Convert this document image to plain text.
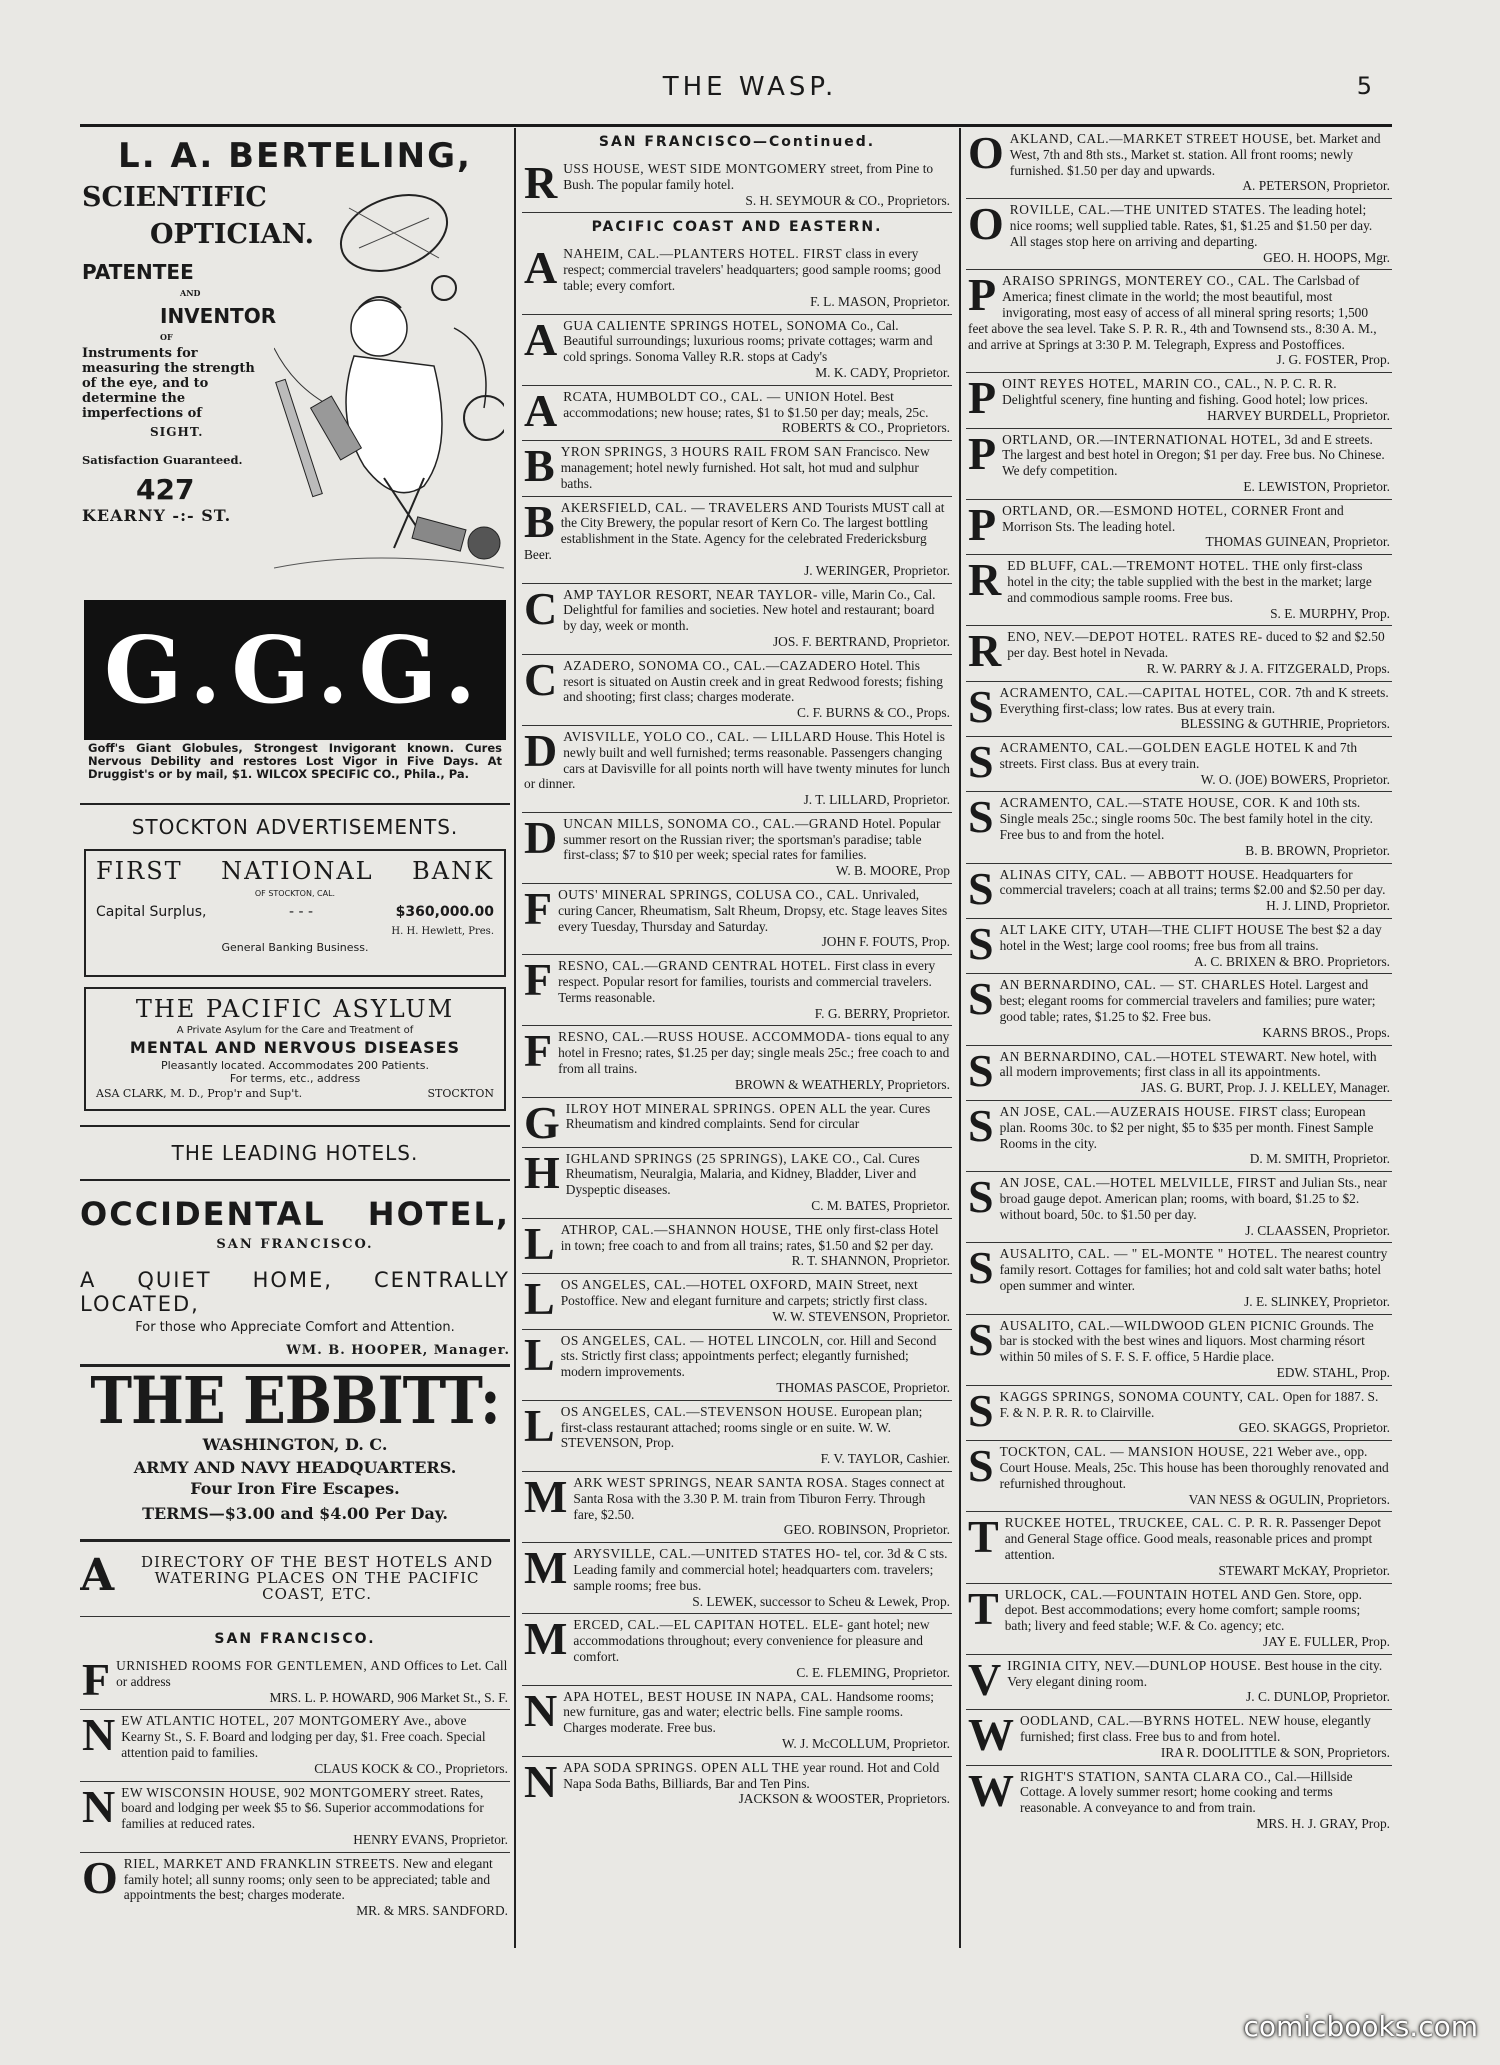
THE WASP.	5
L. A. BERTELING,
SCIENTIFIC
OPTICIAN.
PATENTEE
AND
INVENTOR
OF
Instruments for measuring the strength of the eye, and to determine the imperfections of
SIGHT.
Satisfaction Guaranteed.
427
KEARNY -:- ST.
G.G.G.
Goff's Giant Globules, Strongest Invigorant known. Cures Nervous Debility and restores Lost Vigor in Five Days. At Druggist's or by mail, $1. WILCOX SPECIFIC CO., Phila., Pa.
STOCKTON ADVERTISEMENTS.
FIRST NATIONAL BANK
OF STOCKTON, CAL.
Capital Surplus,	- - -	$360,000.00
H. H. Hewlett, Pres.
General Banking Business.
THE PACIFIC ASYLUM
A Private Asylum for the Care and Treatment of
MENTAL AND NERVOUS DISEASES
Pleasantly located. Accommodates 200 Patients.
For terms, etc., address
ASA CLARK, M. D., Prop'r and Sup't.	STOCKTON
THE LEADING HOTELS.
OCCIDENTAL HOTEL,
SAN FRANCISCO.
A QUIET HOME, CENTRALLY LOCATED,
For those who Appreciate Comfort and Attention.
WM. B. HOOPER, Manager.
THE EBBITT:
WASHINGTON, D. C.
ARMY AND NAVY HEADQUARTERS.
Four Iron Fire Escapes.
TERMS—$3.00 and $4.00 Per Day.
A	DIRECTORY OF THE BEST HOTELS AND WATERING PLACES ON THE PACIFIC COAST, ETC.
SAN FRANCISCO.
FURNISHED ROOMS FOR GENTLEMEN, AND Offices to Let. Call or address
MRS. L. P. HOWARD, 906 Market St., S. F.
NEW ATLANTIC HOTEL, 207 MONTGOMERY Ave., above Kearny St., S. F. Board and lodging per day, $1. Free coach. Special attention paid to families.
CLAUS KOCK & CO., Proprietors.
NEW WISCONSIN HOUSE, 902 MONTGOMERY street. Rates, board and lodging per week $5 to $6. Superior accommodations for families at reduced rates.
HENRY EVANS, Proprietor.
ORIEL, MARKET AND FRANKLIN STREETS. New and elegant family hotel; all sunny rooms; only seen to be appreciated; table and appointments the best; charges moderate.
MR. & MRS. SANDFORD.
SAN FRANCISCO—Continued.
RUSS HOUSE, WEST SIDE MONTGOMERY street, from Pine to Bush. The popular family hotel.
S. H. SEYMOUR & CO., Proprietors.
PACIFIC COAST AND EASTERN.
ANAHEIM, CAL.—PLANTERS HOTEL. FIRST class in every respect; commercial travelers' headquarters; good sample rooms; good table; every comfort.
F. L. MASON, Proprietor.
AGUA CALIENTE SPRINGS HOTEL, SONOMA Co., Cal. Beautiful surroundings; luxurious rooms; private cottages; warm and cold springs. Sonoma Valley R.R. stops at Cady's
M. K. CADY, Proprietor.
ARCATA, HUMBOLDT CO., CAL. — UNION Hotel. Best accommodations; new house; rates, $1 to $1.50 per day; meals, 25c.
ROBERTS & CO., Proprietors.
BYRON SPRINGS, 3 HOURS RAIL FROM SAN Francisco. New management; hotel newly furnished. Hot salt, hot mud and sulphur baths.
BAKERSFIELD, CAL. — TRAVELERS AND Tourists MUST call at the City Brewery, the popular resort of Kern Co. The largest bottling establishment in the State. Agency for the celebrated Fredericksburg Beer.
J. WERINGER, Proprietor.
CAMP TAYLOR RESORT, NEAR TAYLOR- ville, Marin Co., Cal. Delightful for families and societies. New hotel and restaurant; board by day, week or month.
JOS. F. BERTRAND, Proprietor.
CAZADERO, SONOMA CO., CAL.—CAZADERO Hotel. This resort is situated on Austin creek and in great Redwood forests; fishing and shooting; first class; charges moderate.
C. F. BURNS & CO., Props.
DAVISVILLE, YOLO CO., CAL. — LILLARD House. This Hotel is newly built and well furnished; terms reasonable. Passengers changing cars at Davisville for all points north will have twenty minutes for lunch or dinner.
J. T. LILLARD, Proprietor.
DUNCAN MILLS, SONOMA CO., CAL.—GRAND Hotel. Popular summer resort on the Russian river; the sportsman's paradise; table first-class; $7 to $10 per week; special rates for families.
W. B. MOORE, Prop
FOUTS' MINERAL SPRINGS, COLUSA CO., CAL. Unrivaled, curing Cancer, Rheumatism, Salt Rheum, Dropsy, etc. Stage leaves Sites every Tuesday, Thursday and Saturday.
JOHN F. FOUTS, Prop.
FRESNO, CAL.—GRAND CENTRAL HOTEL. First class in every respect. Popular resort for families, tourists and commercial travelers. Terms reasonable.
F. G. BERRY, Proprietor.
FRESNO, CAL.—RUSS HOUSE. ACCOMMODA- tions equal to any hotel in Fresno; rates, $1.25 per day; single meals 25c.; free coach to and from all trains.
BROWN & WEATHERLY, Proprietors.
GILROY HOT MINERAL SPRINGS. OPEN ALL the year. Cures Rheumatism and kindred complaints. Send for circular
HIGHLAND SPRINGS (25 SPRINGS), LAKE CO., Cal. Cures Rheumatism, Neuralgia, Malaria, and Kidney, Bladder, Liver and Dyspeptic diseases.
C. M. BATES, Proprietor.
LATHROP, CAL.—SHANNON HOUSE, THE only first-class Hotel in town; free coach to and from all trains; rates, $1.50 and $2 per day.
R. T. SHANNON, Proprietor.
LOS ANGELES, CAL.—HOTEL OXFORD, MAIN Street, next Postoffice. New and elegant furniture and carpets; strictly first class.
W. W. STEVENSON, Proprietor.
LOS ANGELES, CAL. — HOTEL LINCOLN, cor. Hill and Second sts. Strictly first class; appointments perfect; elegantly furnished; modern improvements.
THOMAS PASCOE, Proprietor.
LOS ANGELES, CAL.—STEVENSON HOUSE. European plan; first-class restaurant attached; rooms single or en suite. W. W. STEVENSON, Prop.
F. V. TAYLOR, Cashier.
MARK WEST SPRINGS, NEAR SANTA ROSA. Stages connect at Santa Rosa with the 3.30 P. M. train from Tiburon Ferry. Through fare, $2.50.
GEO. ROBINSON, Proprietor.
MARYSVILLE, CAL.—UNITED STATES HO- tel, cor. 3d & C sts. Leading family and commercial hotel; headquarters com. travelers; sample rooms; free bus.
S. LEWEK, successor to Scheu & Lewek, Prop.
MERCED, CAL.—EL CAPITAN HOTEL. ELE- gant hotel; new accommodations throughout; every convenience for pleasure and comfort.
C. E. FLEMING, Proprietor.
NAPA HOTEL, BEST HOUSE IN NAPA, CAL. Handsome rooms; new furniture, gas and water; electric bells. Fine sample rooms. Charges moderate. Free bus.
W. J. McCOLLUM, Proprietor.
NAPA SODA SPRINGS. OPEN ALL THE year round. Hot and Cold Napa Soda Baths, Billiards, Bar and Ten Pins.
JACKSON & WOOSTER, Proprietors.
OAKLAND, CAL.—MARKET STREET HOUSE, bet. Market and West, 7th and 8th sts., Market st. station. All front rooms; newly furnished. $1.50 per day and upwards.
A. PETERSON, Proprietor.
OROVILLE, CAL.—THE UNITED STATES. The leading hotel; nice rooms; well supplied table. Rates, $1, $1.25 and $1.50 per day. All stages stop here on arriving and departing.
GEO. H. HOOPS, Mgr.
PARAISO SPRINGS, MONTEREY CO., CAL. The Carlsbad of America; finest climate in the world; the most beautiful, most invigorating, most easy of access of all mineral spring resorts; 1,500 feet above the sea level. Take S. P. R. R., 4th and Townsend sts., 8:30 A. M., and arrive at Springs at 3:30 P. M. Telegraph, Express and Postoffices.
J. G. FOSTER, Prop.
POINT REYES HOTEL, MARIN CO., CAL., N. P. C. R. R. Delightful scenery, fine hunting and fishing. Good hotel; low prices.
HARVEY BURDELL, Proprietor.
PORTLAND, OR.—INTERNATIONAL HOTEL, 3d and E streets. The largest and best hotel in Oregon; $1 per day. Free bus. No Chinese. We defy competition.
E. LEWISTON, Proprietor.
PORTLAND, OR.—ESMOND HOTEL, CORNER Front and Morrison Sts. The leading hotel.
THOMAS GUINEAN, Proprietor.
RED BLUFF, CAL.—TREMONT HOTEL. THE only first-class hotel in the city; the table supplied with the best in the market; large and commodious sample rooms. Free bus.
S. E. MURPHY, Prop.
RENO, NEV.—DEPOT HOTEL. RATES RE- duced to $2 and $2.50 per day. Best hotel in Nevada.
R. W. PARRY & J. A. FITZGERALD, Props.
SACRAMENTO, CAL.—CAPITAL HOTEL, COR. 7th and K streets. Everything first-class; low rates. Bus at every train.
BLESSING & GUTHRIE, Proprietors.
SACRAMENTO, CAL.—GOLDEN EAGLE HOTEL K and 7th streets. First class. Bus at every train.
W. O. (JOE) BOWERS, Proprietor.
SACRAMENTO, CAL.—STATE HOUSE, COR. K and 10th sts. Single meals 25c.; single rooms 50c. The best family hotel in the city. Free bus to and from the hotel.
B. B. BROWN, Proprietor.
SALINAS CITY, CAL. — ABBOTT HOUSE. Headquarters for commercial travelers; coach at all trains; terms $2.00 and $2.50 per day.
H. J. LIND, Proprietor.
SALT LAKE CITY, UTAH—THE CLIFT HOUSE The best $2 a day hotel in the West; large cool rooms; free bus from all trains.
A. C. BRIXEN & BRO. Proprietors.
SAN BERNARDINO, CAL. — ST. CHARLES Hotel. Largest and best; elegant rooms for commercial travelers and families; pure water; good table; rates, $1.25 to $2. Free bus.
KARNS BROS., Props.
SAN BERNARDINO, CAL.—HOTEL STEWART. New hotel, with all modern improvements; first class in all its appointments.
JAS. G. BURT, Prop. J. J. KELLEY, Manager.
SAN JOSE, CAL.—AUZERAIS HOUSE. FIRST class; European plan. Rooms 30c. to $2 per night, $5 to $35 per month. Finest Sample Rooms in the city.
D. M. SMITH, Proprietor.
SAN JOSE, CAL.—HOTEL MELVILLE, FIRST and Julian Sts., near broad gauge depot. American plan; rooms, with board, $1.25 to $2. without board, 50c. to $1.50 per day.
J. CLAASSEN, Proprietor.
SAUSALITO, CAL. — " EL-MONTE " HOTEL. The nearest country family resort. Cottages for families; hot and cold salt water baths; hotel open summer and winter.
J. E. SLINKEY, Proprietor.
SAUSALITO, CAL.—WILDWOOD GLEN PICNIC Grounds. The bar is stocked with the best wines and liquors. Most charming résort within 50 miles of S. F. S. F. office, 5 Hardie place.
EDW. STAHL, Prop.
SKAGGS SPRINGS, SONOMA COUNTY, CAL. Open for 1887. S. F. & N. P. R. R. to Clairville.
GEO. SKAGGS, Proprietor.
STOCKTON, CAL. — MANSION HOUSE, 221 Weber ave., opp. Court House. Meals, 25c. This house has been thoroughly renovated and refurnished throughout.
VAN NESS & OGULIN, Proprietors.
TRUCKEE HOTEL, TRUCKEE, CAL. C. P. R. R. Passenger Depot and General Stage office. Good meals, reasonable prices and prompt attention.
STEWART McKAY, Proprietor.
TURLOCK, CAL.—FOUNTAIN HOTEL AND Gen. Store, opp. depot. Best accommodations; every home comfort; sample rooms; bath; livery and feed stable; W.F. & Co. agency; etc.
JAY E. FULLER, Prop.
VIRGINIA CITY, NEV.—DUNLOP HOUSE. Best house in the city. Very elegant dining room.
J. C. DUNLOP, Proprietor.
WOODLAND, CAL.—BYRNS HOTEL. NEW house, elegantly furnished; first class. Free bus to and from hotel.
IRA R. DOOLITTLE & SON, Proprietors.
WRIGHT'S STATION, SANTA CLARA CO., Cal.—Hillside Cottage. A lovely summer resort; home cooking and terms reasonable. A conveyance to and from train.
MRS. H. J. GRAY, Prop.
comicbooks.com
